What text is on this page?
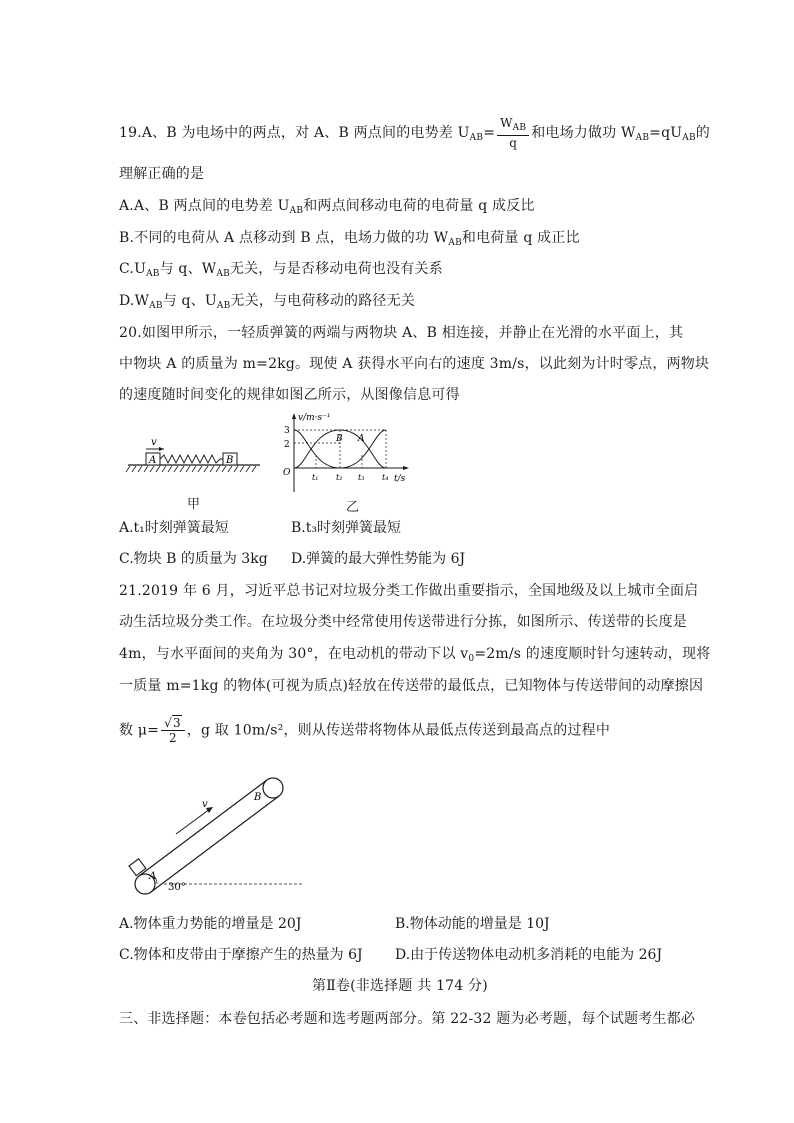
19.A、B 为电场中的两点，对 A、B 两点间的电势差 $U_{AB}= \frac{W_{AB}}{q}$ 和电场力做功 $W_{AB}=qU_{AB}$的
理解正确的是
A.A、B 两点间的电势差 $U_{AB}$和两点间移动电荷的电荷量 q 成反比
B.不同的电荷从 A 点移动到 B 点，电场力做的功 $W_{AB}$和电荷量 q 成正比
$C.U_{AB}$与 q、$W_{AB}$无关，与是否移动电荷也没有关系
$D.W_{AB}$与 q、$U_{AB}$无关，与电荷移动的路径无关
20.如图甲所示，一轻质弹簧的两端与两物块 A、B 相连接，并静止在光滑的水平面上，其
中物块 A 的质量为 m=2kg。现使 A 获得水平向右的速度 3m/s，以此刻为计时零点，两物块
的速度随时间变化的规律如图乙所示，从图像信息可得
A	B
v
甲
v/m·s⁻¹
3
2
O
B A
t₁ t₂ t₃ t₄ t/s
乙
A.t₁时刻弹簧最短	B.t₃时刻弹簧最短
C.物块 B 的质量为 3kg D.弹簧的最大弹性势能为 6J
21.2019 年 6 月，习近平总书记对垃圾分类工作做出重要指示，全国地级及以上城市全面启
动生活垃圾分类工作。在垃圾分类中经常使用传送带进行分拣，如图所示、传送带的长度是
4m，与水平面间的夹角为 30°，在电动机的带动下以 $v_0=2m/s$ 的速度顺时针匀速转动，现将
一质量 m=1kg 的物体(可视为质点)轻放在传送带的最低点，已知物体与传送带间的动摩擦因
数 $\mu= \frac{√3}{2}$ ，g 取 10m/s²，则从传送带将物体从最低点传送到最高点的过程中
A
B
v
30°
A.物体重力势能的增量是 20J	B.物体动能的增量是 10J
C.物体和皮带由于摩擦产生的热量为 6J D.由于传送物体电动机多消耗的电能为 26J
第Ⅱ卷(非选择题 共 174 分)
三、非选择题：本卷包括必考题和选考题两部分。第 22-32 题为必考题，每个试题考生都必
